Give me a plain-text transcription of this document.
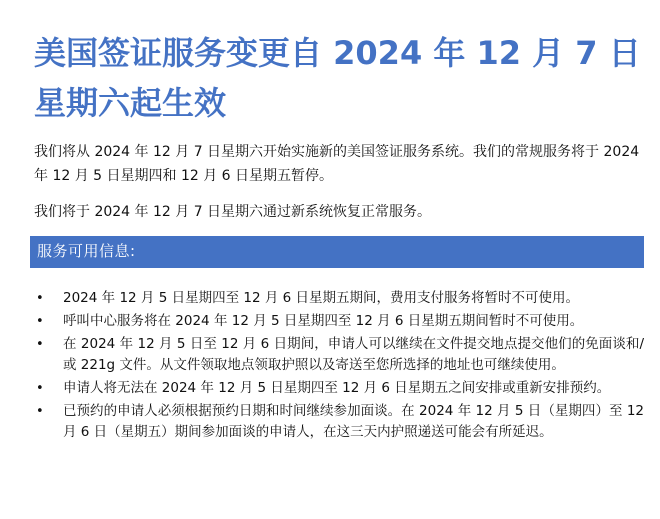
美国签证服务变更自 2024 年 12 月 7 日星期六起生效

我们将从 2024 年 12 月 7 日星期六开始实施新的美国签证服务系统。我们的常规服务将于 2024 年 12 月 5 日星期四和 12 月 6 日星期五暂停。

我们将于 2024 年 12 月 7 日星期六通过新系统恢复正常服务。

服务可用信息:
• 2024 年 12 月 5 日星期四至 12 月 6 日星期五期间，费用支付服务将暂时不可使用。
• 呼叫中心服务将在 2024 年 12 月 5 日星期四至 12 月 6 日星期五期间暂时不可使用。
• 在 2024 年 12 月 5 日至 12 月 6 日期间，申请人可以继续在文件提交地点提交他们的免面谈和/或 221g 文件。从文件领取地点领取护照以及寄送至您所选择的地址也可继续使用。
• 申请人将无法在 2024 年 12 月 5 日星期四至 12 月 6 日星期五之间安排或重新安排预约。
• 已预约的申请人必须根据预约日期和时间继续参加面谈。在 2024 年 12 月 5 日（星期四）至 12 月 6 日（星期五）期间参加面谈的申请人，在这三天内护照递送可能会有所延迟。
